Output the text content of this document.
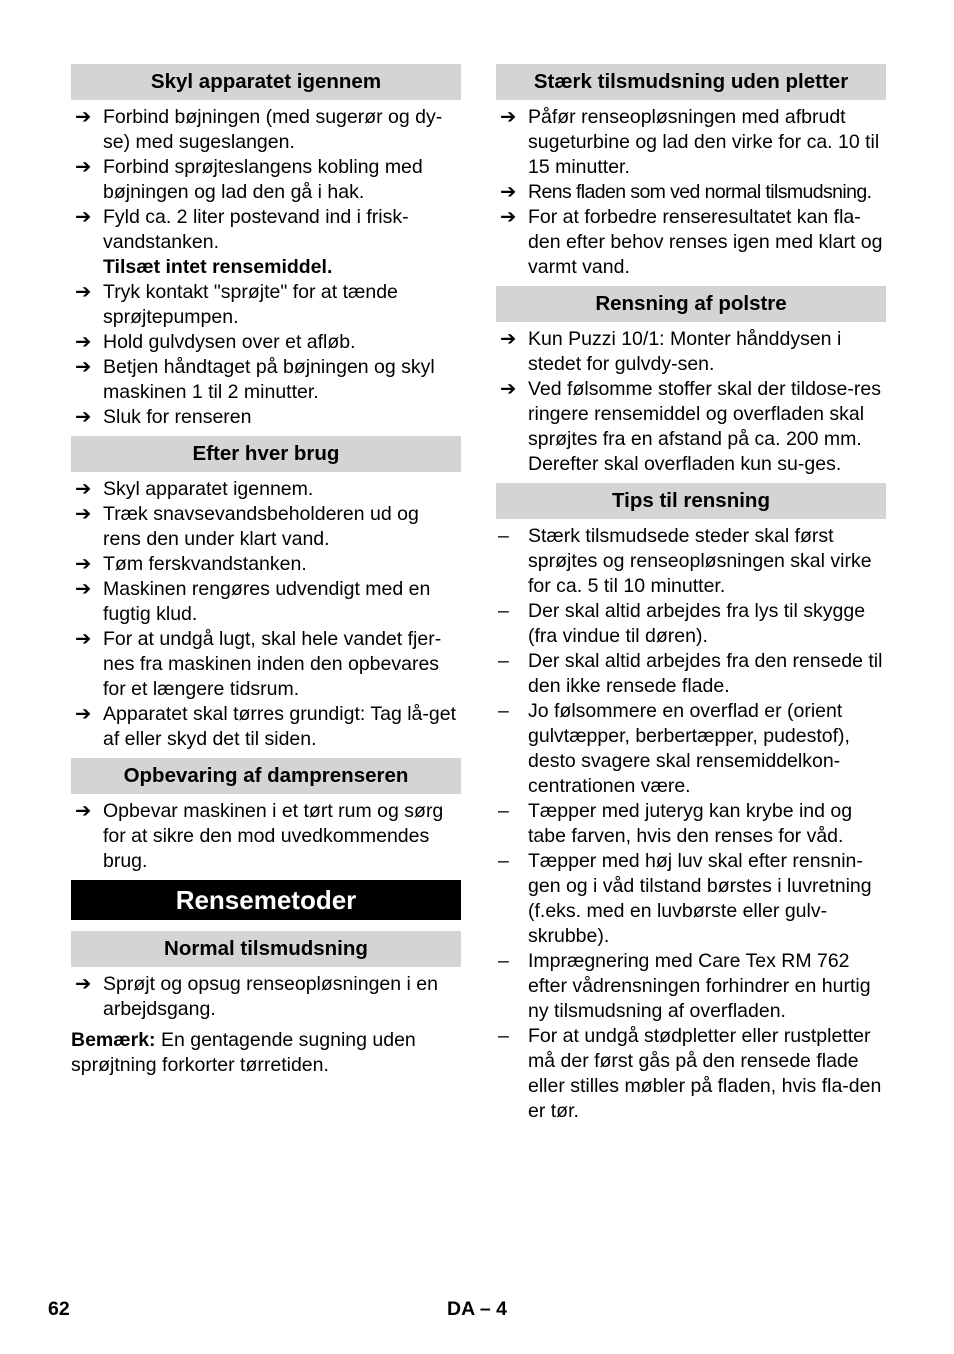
Skyl apparatet igennem
➔ Forbind bøjningen (med sugerør og dy-se) med sugeslangen.
➔ Forbind sprøjteslangens kobling med bøjningen og lad den gå i hak.
➔ Fyld ca. 2 liter postevand ind i frisk-vandstanken.
Tilsæt intet rensemiddel.
➔ Tryk kontakt "sprøjte" for at tænde sprøjtepumpen.
➔ Hold gulvdysen over et afløb.
➔ Betjen håndtaget på bøjningen og skyl maskinen 1 til 2 minutter.
➔ Sluk for renseren
Efter hver brug
➔ Skyl apparatet igennem.
➔ Træk snavsevandsbeholderen ud og rens den under klart vand.
➔ Tøm ferskvandstanken.
➔ Maskinen rengøres udvendigt med en fugtig klud.
➔ For at undgå lugt, skal hele vandet fjer-nes fra maskinen inden den opbevares for et længere tidsrum.
➔ Apparatet skal tørres grundigt: Tag lå-get af eller skyd det til siden.
Opbevaring af damprenseren
➔ Opbevar maskinen i et tørt rum og sørg for at sikre den mod uvedkommendes brug.
Rensemetoder
Normal tilsmudsning
➔ Sprøjt og opsug renseopløsningen i en arbejdsgang.

Bemærk: En gentagende sugning uden sprøjtning forkorter tørretiden.

Stærk tilsmudsning uden pletter
➔ Påfør renseopløsningen med afbrudt sugeturbine og lad den virke for ca. 10 til 15 minutter.
➔ Rens fladen som ved normal tilsmudsning.
➔ For at forbedre renseresultatet kan fla-den efter behov renses igen med klart og varmt vand.
Rensning af polstre
➔ Kun Puzzi 10/1: Monter hånddysen i stedet for gulvdy-sen.
➔ Ved følsomme stoffer skal der tildose-res ringere rensemiddel og overfladen skal sprøjtes fra en afstand på ca. 200 mm. Derefter skal overfladen kun su-ges.
Tips til rensning
– Stærk tilsmudsede steder skal først sprøjtes og renseopløsningen skal virke for ca. 5 til 10 minutter.
– Der skal altid arbejdes fra lys til skygge (fra vindue til døren).
– Der skal altid arbejdes fra den rensede til den ikke rensede flade.
– Jo følsommere en overflad er (orient gulvtæpper, berbertæpper, pudestof), desto svagere skal rensemiddelkon-centrationen være.
– Tæpper med juteryg kan krybe ind og tabe farven, hvis den renses for våd.
– Tæpper med høj luv skal efter rensnin-gen og i våd tilstand børstes i luvretning (f.eks. med en luvbørste eller gulv-skrubbe).
– Imprægnering med Care Tex RM 762 efter vådrensningen forhindrer en hurtig ny tilsmudsning af overfladen.
– For at undgå stødpletter eller rustpletter må der først gås på den rensede flade eller stilles møbler på fladen, hvis fla-den er tør.
62	DA – 4
